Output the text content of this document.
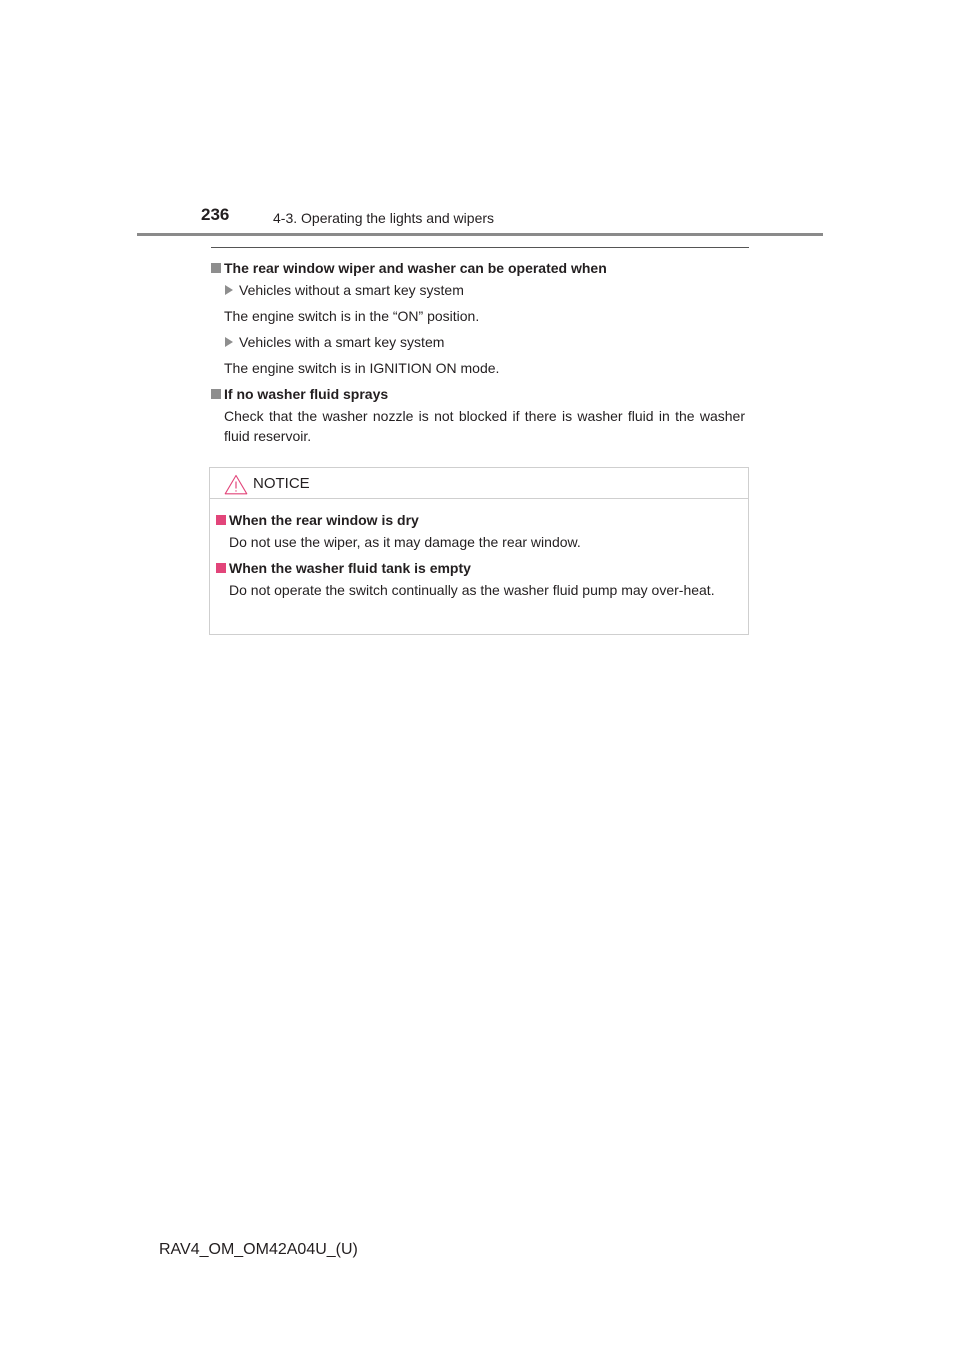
236	4-3. Operating the lights and wipers
The rear window wiper and washer can be operated when
Vehicles without a smart key system
The engine switch is in the “ON” position.
Vehicles with a smart key system
The engine switch is in IGNITION ON mode.
If no washer fluid sprays
Check that the washer nozzle is not blocked if there is washer fluid in the washer fluid reservoir.
NOTICE
When the rear window is dry
Do not use the wiper, as it may damage the rear window.
When the washer fluid tank is empty
Do not operate the switch continually as the washer fluid pump may over-heat.
RAV4_OM_OM42A04U_(U)
